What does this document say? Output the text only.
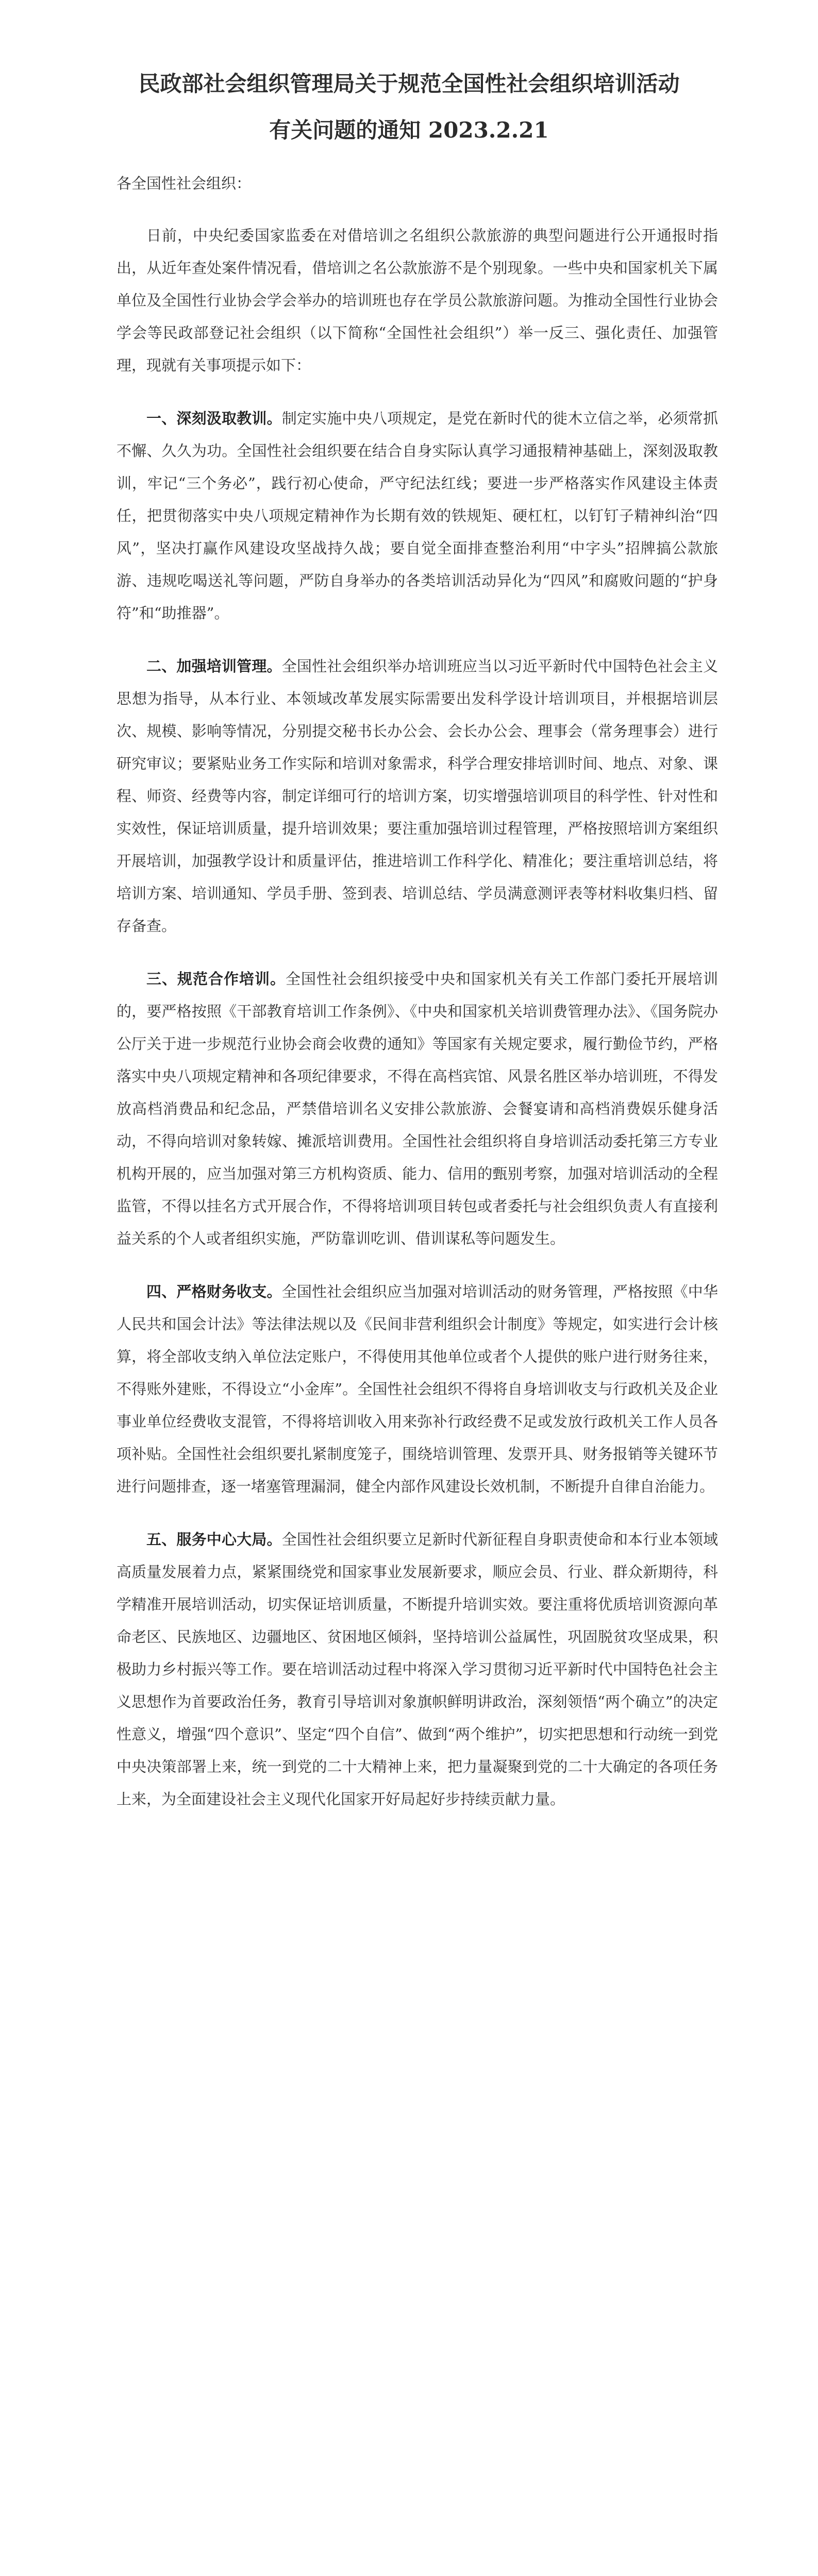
民政部社会组织管理局关于规范全国性社会组织培训活动
有关问题的通知 2023.2.21

各全国性社会组织：

日前，中央纪委国家监委在对借培训之名组织公款旅游的典型问题进行公开通报时指出，从近年查处案件情况看，借培训之名公款旅游不是个别现象。一些中央和国家机关下属单位及全国性行业协会学会举办的培训班也存在学员公款旅游问题。为推动全国性行业协会学会等民政部登记社会组织（以下简称“全国性社会组织”）举一反三、强化责任、加强管理，现就有关事项提示如下：

一、深刻汲取教训。制定实施中央八项规定，是党在新时代的徙木立信之举，必须常抓不懈、久久为功。全国性社会组织要在结合自身实际认真学习通报精神基础上，深刻汲取教训，牢记“三个务必”，践行初心使命，严守纪法红线；要进一步严格落实作风建设主体责任，把贯彻落实中央八项规定精神作为长期有效的铁规矩、硬杠杠，以钉钉子精神纠治“四风”，坚决打赢作风建设攻坚战持久战；要自觉全面排查整治利用“中字头”招牌搞公款旅游、违规吃喝送礼等问题，严防自身举办的各类培训活动异化为“四风”和腐败问题的“护身符”和“助推器”。

二、加强培训管理。全国性社会组织举办培训班应当以习近平新时代中国特色社会主义思想为指导，从本行业、本领域改革发展实际需要出发科学设计培训项目，并根据培训层次、规模、影响等情况，分别提交秘书长办公会、会长办公会、理事会（常务理事会）进行研究审议；要紧贴业务工作实际和培训对象需求，科学合理安排培训时间、地点、对象、课程、师资、经费等内容，制定详细可行的培训方案，切实增强培训项目的科学性、针对性和实效性，保证培训质量，提升培训效果；要注重加强培训过程管理，严格按照培训方案组织开展培训，加强教学设计和质量评估，推进培训工作科学化、精准化；要注重培训总结，将培训方案、培训通知、学员手册、签到表、培训总结、学员满意测评表等材料收集归档、留存备查。

三、规范合作培训。全国性社会组织接受中央和国家机关有关工作部门委托开展培训的，要严格按照《干部教育培训工作条例》、《中央和国家机关培训费管理办法》、《国务院办公厅关于进一步规范行业协会商会收费的通知》等国家有关规定要求，履行勤俭节约，严格落实中央八项规定精神和各项纪律要求，不得在高档宾馆、风景名胜区举办培训班，不得发放高档消费品和纪念品，严禁借培训名义安排公款旅游、会餐宴请和高档消费娱乐健身活动，不得向培训对象转嫁、摊派培训费用。全国性社会组织将自身培训活动委托第三方专业机构开展的，应当加强对第三方机构资质、能力、信用的甄别考察，加强对培训活动的全程监管，不得以挂名方式开展合作，不得将培训项目转包或者委托与社会组织负责人有直接利益关系的个人或者组织实施，严防靠训吃训、借训谋私等问题发生。

四、严格财务收支。全国性社会组织应当加强对培训活动的财务管理，严格按照《中华人民共和国会计法》等法律法规以及《民间非营利组织会计制度》等规定，如实进行会计核算，将全部收支纳入单位法定账户，不得使用其他单位或者个人提供的账户进行财务往来，不得账外建账，不得设立“小金库”。全国性社会组织不得将自身培训收支与行政机关及企业事业单位经费收支混管，不得将培训收入用来弥补行政经费不足或发放行政机关工作人员各项补贴。全国性社会组织要扎紧制度笼子，围绕培训管理、发票开具、财务报销等关键环节进行问题排查，逐一堵塞管理漏洞，健全内部作风建设长效机制，不断提升自律自治能力。

五、服务中心大局。全国性社会组织要立足新时代新征程自身职责使命和本行业本领域高质量发展着力点，紧紧围绕党和国家事业发展新要求，顺应会员、行业、群众新期待，科学精准开展培训活动，切实保证培训质量，不断提升培训实效。要注重将优质培训资源向革命老区、民族地区、边疆地区、贫困地区倾斜，坚持培训公益属性，巩固脱贫攻坚成果，积极助力乡村振兴等工作。要在培训活动过程中将深入学习贯彻习近平新时代中国特色社会主义思想作为首要政治任务，教育引导培训对象旗帜鲜明讲政治，深刻领悟“两个确立”的决定性意义，增强“四个意识”、坚定“四个自信”、做到“两个维护”，切实把思想和行动统一到党中央决策部署上来，统一到党的二十大精神上来，把力量凝聚到党的二十大确定的各项任务上来，为全面建设社会主义现代化国家开好局起好步持续贡献力量。
